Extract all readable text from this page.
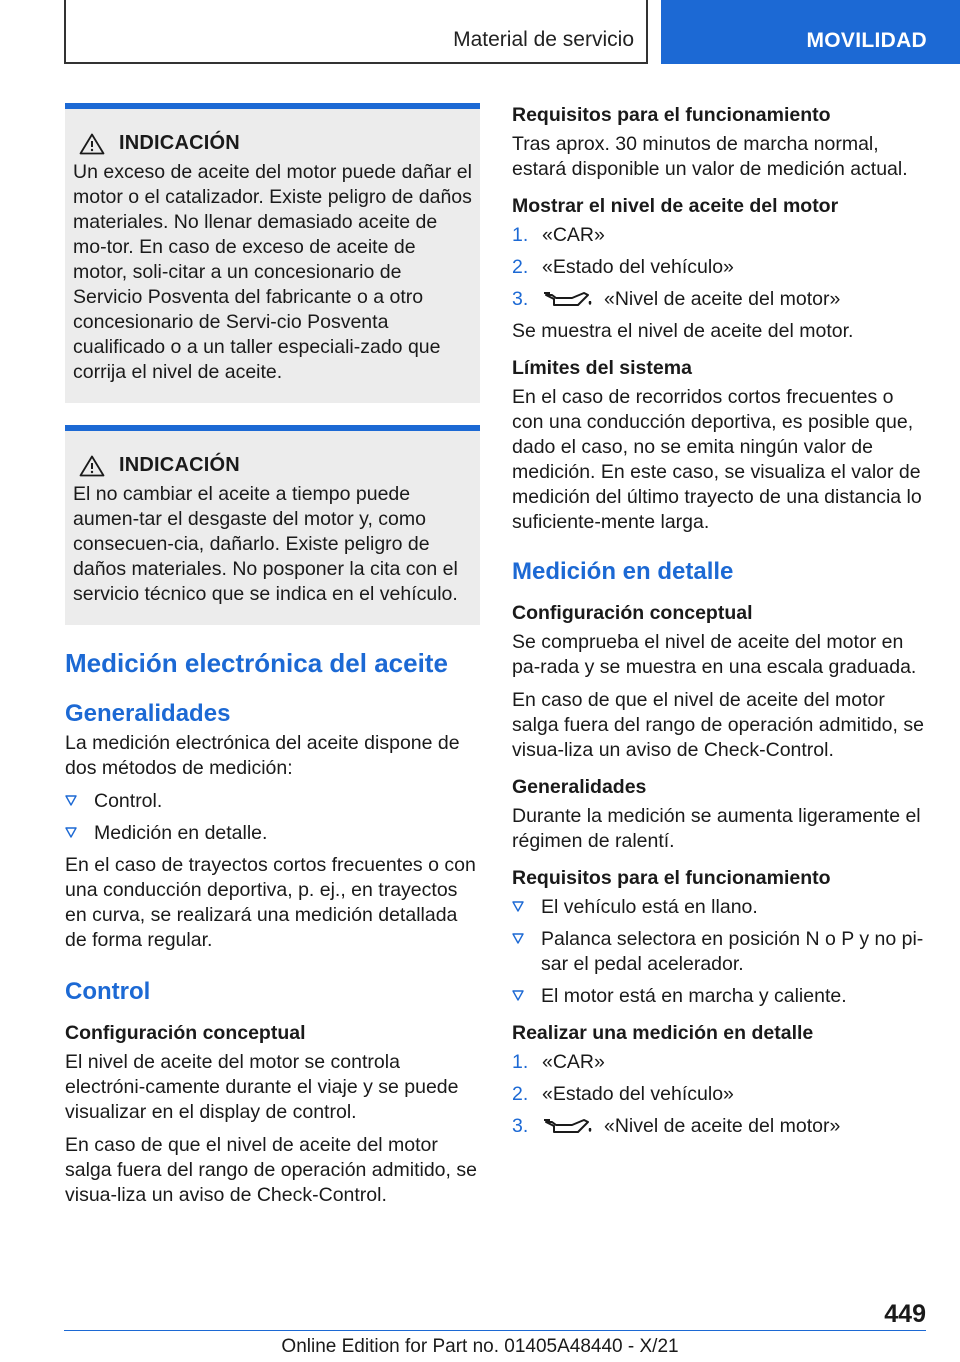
Material de servicio	MOVILIDAD
INDICACIÓN

Un exceso de aceite del motor puede dañar el motor o el catalizador. Existe peligro de daños materiales. No llenar demasiado aceite de mo‐tor. En caso de exceso de aceite de motor, soli‐citar a un concesionario de Servicio Posventa del fabricante o a otro concesionario de Servi‐cio Posventa cualificado o a un taller especiali‐zado que corrija el nivel de aceite.

INDICACIÓN

El no cambiar el aceite a tiempo puede aumen‐tar el desgaste del motor y, como consecuen‐cia, dañarlo. Existe peligro de daños materiales. No posponer la cita con el servicio técnico que se indica en el vehículo.

Medición electrónica del aceite
Generalidades

La medición electrónica del aceite dispone de dos métodos de medición:

Control.
Medición en detalle.

En el caso de trayectos cortos frecuentes o con una conducción deportiva, p. ej., en trayectos en curva, se realizará una medición detallada de forma regular.

Control
Configuración conceptual

El nivel de aceite del motor se controla electróni‐camente durante el viaje y se puede visualizar en el display de control.

En caso de que el nivel de aceite del motor salga fuera del rango de operación admitido, se visua‐liza un aviso de Check-Control.

Requisitos para el funcionamiento

Tras aprox. 30 minutos de marcha normal, estará disponible un valor de medición actual.

Mostrar el nivel de aceite del motor
1. «CAR»
2. «Estado del vehículo»
3.	«Nivel de aceite del motor»

Se muestra el nivel de aceite del motor.

Límites del sistema

En el caso de recorridos cortos frecuentes o con una conducción deportiva, es posible que, dado el caso, no se emita ningún valor de medición. En este caso, se visualiza el valor de medición del último trayecto de una distancia lo suficiente‐mente larga.

Medición en detalle
Configuración conceptual

Se comprueba el nivel de aceite del motor en pa‐rada y se muestra en una escala graduada.

En caso de que el nivel de aceite del motor salga fuera del rango de operación admitido, se visua‐liza un aviso de Check-Control.

Generalidades

Durante la medición se aumenta ligeramente el régimen de ralentí.

Requisitos para el funcionamiento
El vehículo está en llano.
Palanca selectora en posición N o P y no pi‐sar el pedal acelerador.
El motor está en marcha y caliente.
Realizar una medición en detalle
1. «CAR»
2. «Estado del vehículo»
3.	«Nivel de aceite del motor»
449
Online Edition for Part no. 01405A48440 - X/21
